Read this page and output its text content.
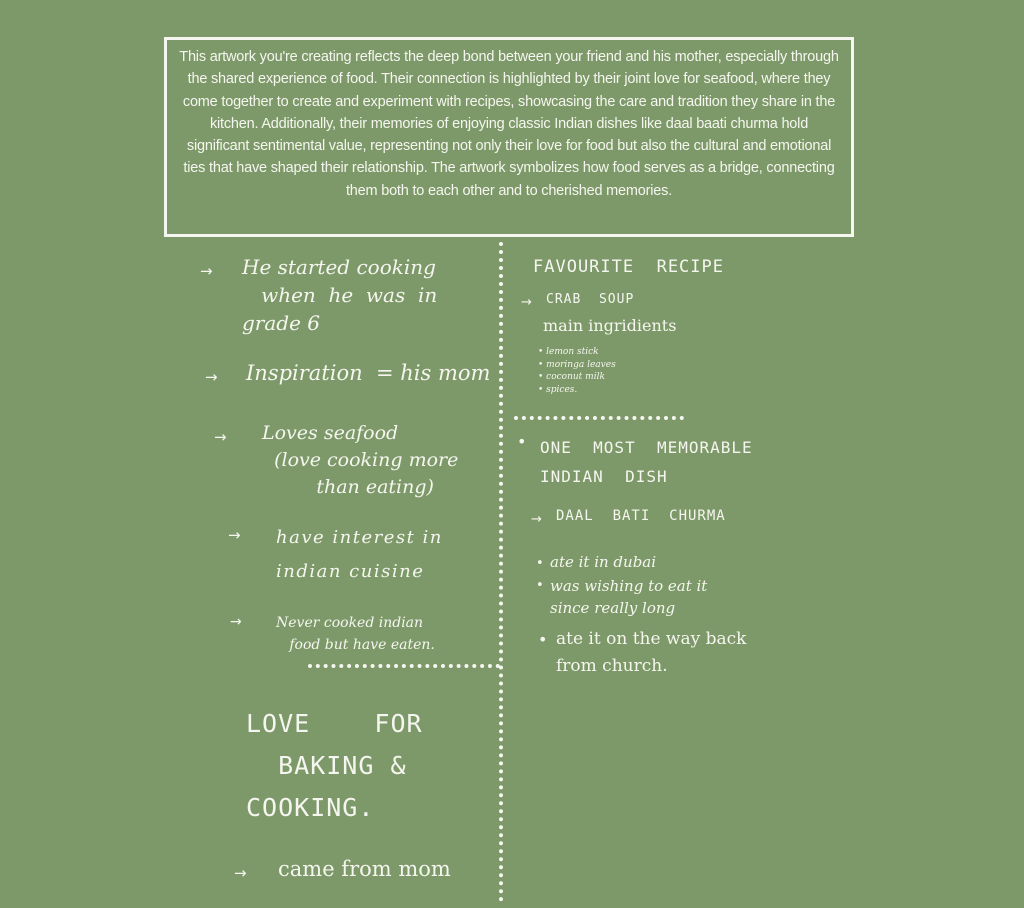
This artwork you're creating reflects the deep bond between your friend and his mother, especially through the shared experience of food. Their connection is highlighted by their joint love for seafood, where they come together to create and experiment with recipes, showcasing the care and tradition they share in the kitchen. Additionally, their memories of enjoying classic Indian dishes like daal baati churma hold significant sentimental value, representing not only their love for food but also the cultural and emotional ties that have shaped their relationship. The artwork symbolizes how food serves as a bridge, connecting them both to each other and to cherished memories.
→ He started cooking
when  he  was  in
grade 6
→ Inspiration  = his mom
→ Loves seafood
(love cooking more
than eating)
→ have interest in
indian cuisine
→ Never cooked indian
food but have eaten.
LOVE    FOR
BAKING &
COOKING.
→ came from mom
FAVOURITE  RECIPE
→ CRAB  SOUP
main ingridients
• lemon stick
• moringa leaves
• coconut milk
• spices.
• ONE  MOST  MEMORABLE
INDIAN  DISH
→ DAAL  BATI  CHURMA
• ate it in dubai
• was wishing to eat it
since really long
• ate it on the way back
from church.
